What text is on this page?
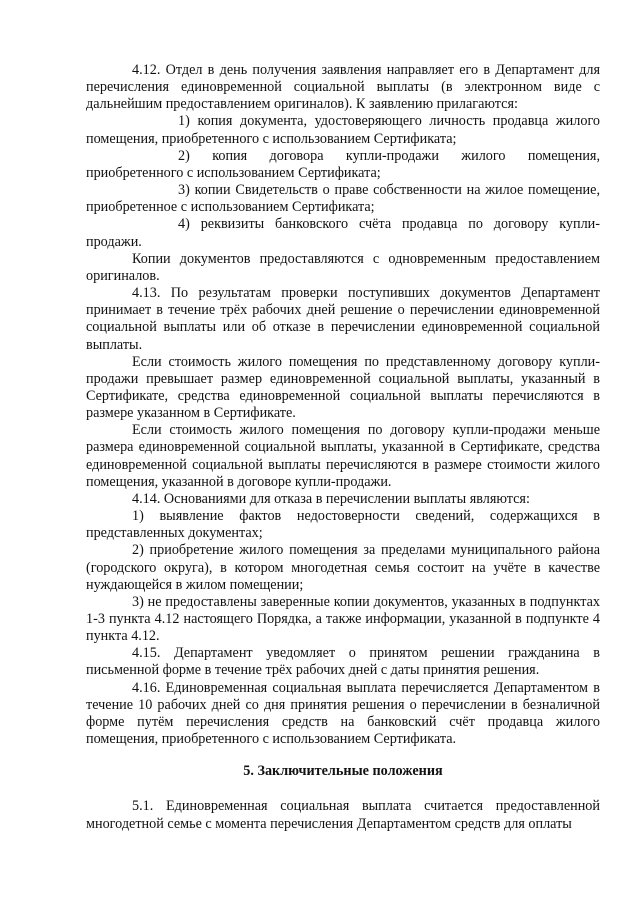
4.12. Отдел в день получения заявления направляет его в Департамент для перечисления единовременной социальной выплаты (в электронном виде с дальнейшим предоставлением оригиналов). К заявлению прилагаются:

1) копия документа, удостоверяющего личность продавца жилого помещения, приобретенного с использованием Сертификата;

2) копия договора купли-продажи жилого помещения, приобретенного с использованием Сертификата;

3) копии Свидетельств о праве собственности на жилое помещение, приобретенное с использованием Сертификата;

4) реквизиты банковского счёта продавца по договору купли-продажи.

Копии документов предоставляются с одновременным предоставлением оригиналов.

4.13. По результатам проверки поступивших документов Департамент принимает в течение трёх рабочих дней решение о перечислении единовременной социальной выплаты или об отказе в перечислении единовременной социальной выплаты.

Если стоимость жилого помещения по представленному договору купли-продажи превышает размер единовременной социальной выплаты, указанный в Сертификате, средства единовременной социальной выплаты перечисляются в размере указанном в Сертификате.

Если стоимость жилого помещения по договору купли-продажи меньше размера единовременной социальной выплаты, указанной в Сертификате, средства единовременной социальной выплаты перечисляются в размере стоимости жилого помещения, указанной в договоре купли-продажи.

4.14. Основаниями для отказа в перечислении выплаты являются:

1) выявление фактов недостоверности сведений, содержащихся в представленных документах;

2) приобретение жилого помещения за пределами муниципального района (городского округа), в котором многодетная семья состоит на учёте в качестве нуждающейся в жилом помещении;

3) не предоставлены заверенные копии документов, указанных в подпунктах 1-3 пункта 4.12 настоящего Порядка, а также информации, указанной в подпункте 4 пункта 4.12.

4.15. Департамент уведомляет о принятом решении гражданина в письменной форме в течение трёх рабочих дней с даты принятия решения.

4.16. Единовременная социальная выплата перечисляется Департаментом в течение 10 рабочих дней со дня принятия решения о перечислении в безналичной форме путём перечисления средств на банковский счёт продавца жилого помещения, приобретенного с использованием Сертификата.

5. Заключительные положения

5.1. Единовременная социальная выплата считается предоставленной многодетной семье с момента перечисления Департаментом средств для оплаты
